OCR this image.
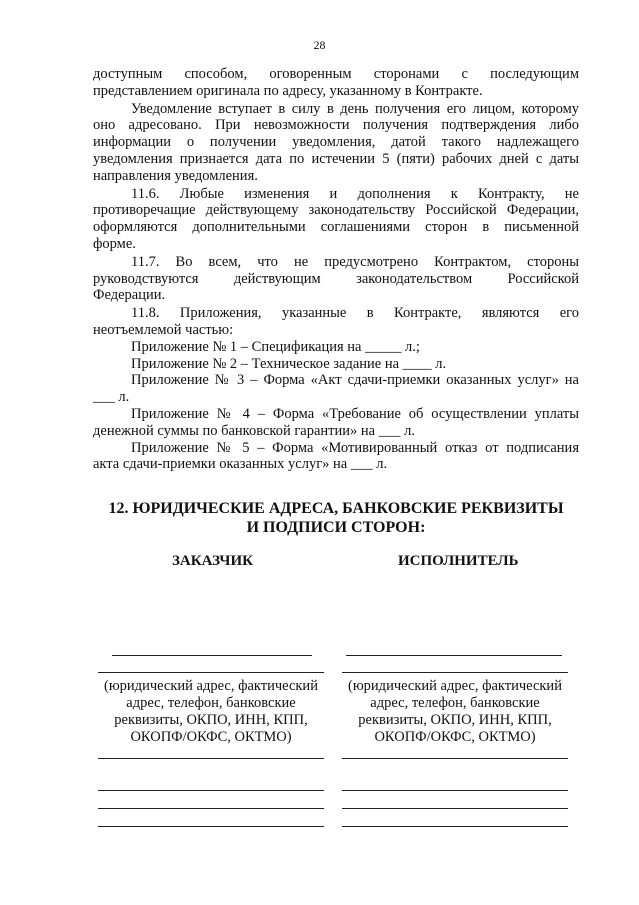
28

доступным способом, оговоренным сторонами с последующим

представлением оригинала по адресу, указанному в Контракте.

Уведомление вступает в силу в день получения его лицом, которому

оно адресовано. При невозможности получения подтверждения либо

информации о получении уведомления, датой такого надлежащего

уведомления признается дата по истечении 5 (пяти) рабочих дней с даты

направления уведомления.

11.6. Любые изменения и дополнения к Контракту, не

противоречащие действующему законодательству Российской Федерации,

оформляются дополнительными соглашениями сторон в письменной

форме.

11.7. Во всем, что не предусмотрено Контрактом, стороны

руководствуются действующим законодательством Российской

Федерации.

11.8. Приложения, указанные в Контракте, являются его

неотъемлемой частью:

Приложение № 1 – Спецификация на _____ л.;

Приложение № 2 – Техническое задание на ____ л.

Приложение № 3 – Форма «Акт сдачи-приемки оказанных услуг» на

___ л.

Приложение № 4 – Форма «Требование об осуществлении уплаты

денежной суммы по банковской гарантии» на ___ л.

Приложение № 5 – Форма «Мотивированный отказ от подписания

акта сдачи-приемки оказанных услуг» на ___ л.

12. ЮРИДИЧЕСКИЕ АДРЕСА, БАНКОВСКИЕ РЕКВИЗИТЫ
И ПОДПИСИ СТОРОН:
ЗАКАЗЧИК	ИСПОЛНИТЕЛЬ
(юридический адрес, фактический
адрес, телефон, банковские
реквизиты, ОКПО, ИНН, КПП,
ОКОПФ/ОКФС, ОКТМО)
(юридический адрес, фактический
адрес, телефон, банковские
реквизиты, ОКПО, ИНН, КПП,
ОКОПФ/ОКФС, ОКТМО)
